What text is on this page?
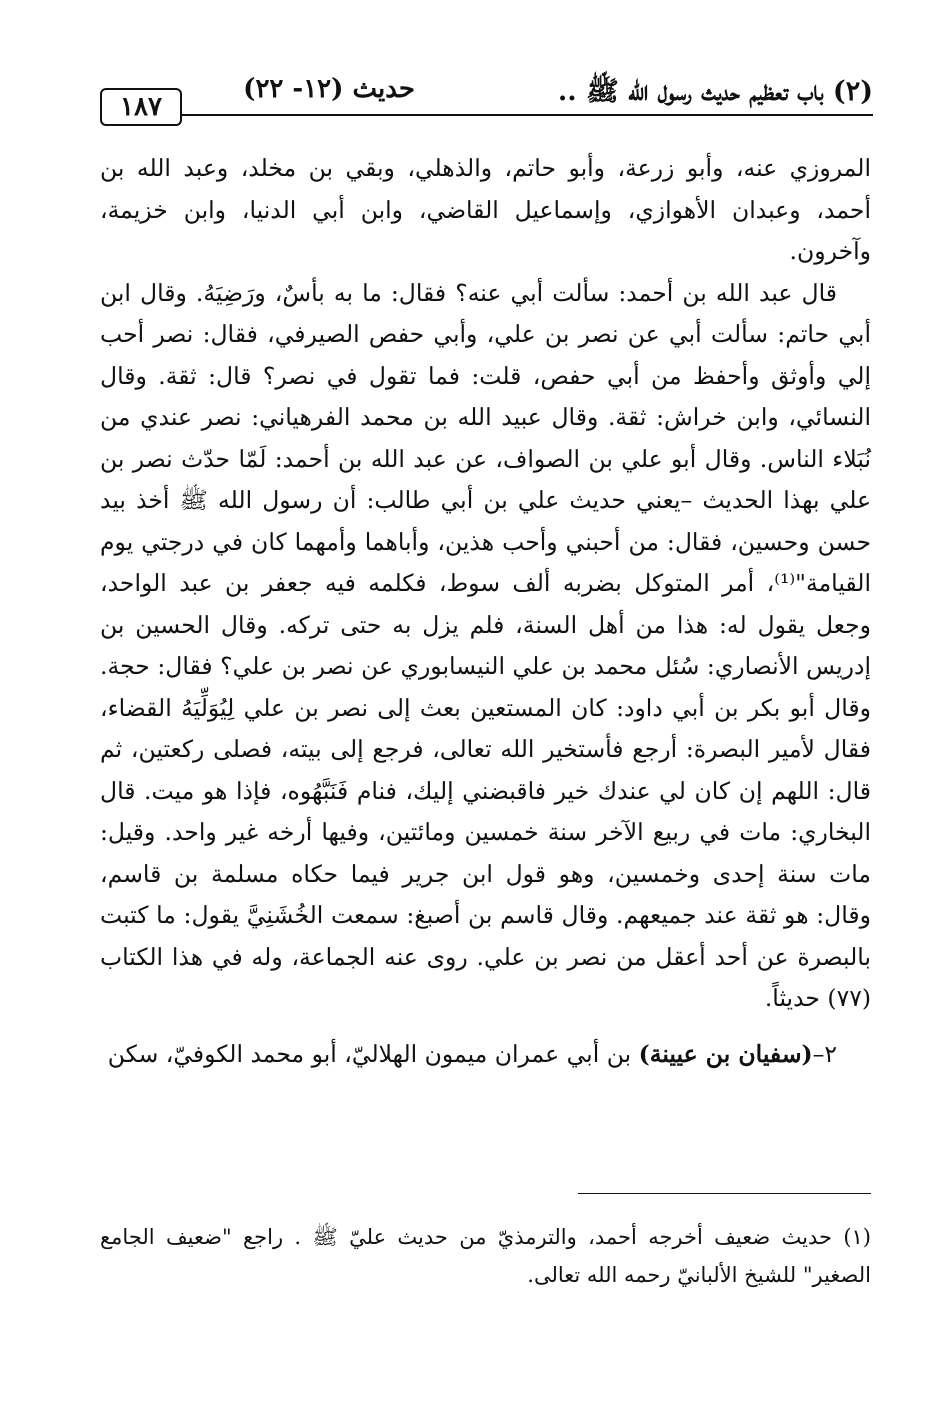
(٢) باب تعظيم حديث رسول الله ﷺ ..
حديث (١٢- ٢٢)
١٨٧

المروزي عنه، وأبو زرعة، وأبو حاتم، والذهلي، وبقي بن مخلد، وعبد الله بن أحمد، وعبدان الأهوازي، وإسماعيل القاضي، وابن أبي الدنيا، وابن خزيمة، وآخرون.

قال عبد الله بن أحمد: سألت أبي عنه؟ فقال: ما به بأسٌ، ورَضِيَهُ. وقال ابن أبي حاتم: سألت أبي عن نصر بن علي، وأبي حفص الصيرفي، فقال: نصر أحب إلي وأوثق وأحفظ من أبي حفص، قلت: فما تقول في نصر؟ قال: ثقة. وقال النسائي، وابن خراش: ثقة. وقال عبيد الله بن محمد الفرهياني: نصر عندي من نُبَلاء الناس. وقال أبو علي بن الصواف، عن عبد الله بن أحمد: لَمّا حدّث نصر بن علي بهذا الحديث –يعني حديث علي بن أبي طالب: أن رسول الله ﷺ أخذ بيد حسن وحسين، فقال: من أحبني وأحب هذين، وأباهما وأمهما كان في درجتي يوم القيامة"⁽¹⁾، أمر المتوكل بضربه ألف سوط، فكلمه فيه جعفر بن عبد الواحد، وجعل يقول له: هذا من أهل السنة، فلم يزل به حتى تركه. وقال الحسين بن إدريس الأنصاري: سُئل محمد بن علي النيسابوري عن نصر بن علي؟ فقال: حجة. وقال أبو بكر بن أبي داود: كان المستعين بعث إلى نصر بن علي لِيُوَلِّيَهُ القضاء، فقال لأمير البصرة: أرجع فأستخير الله تعالى، فرجع إلى بيته، فصلى ركعتين، ثم قال: اللهم إن كان لي عندك خير فاقبضني إليك، فنام فَنَبَّهُوه، فإذا هو ميت. قال البخاري: مات في ربيع الآخر سنة خمسين ومائتين، وفيها أرخه غير واحد. وقيل: مات سنة إحدى وخمسين، وهو قول ابن جرير فيما حكاه مسلمة بن قاسم، وقال: هو ثقة عند جميعهم. وقال قاسم بن أصبغ: سمعت الخُشَنِيَّ يقول: ما كتبت بالبصرة عن أحد أعقل من نصر بن علي. روى عنه الجماعة، وله في هذا الكتاب (٧٧) حديثاً.

٢–(سفيان بن عيينة) بن أبي عمران ميمون الهلاليّ، أبو محمد الكوفيّ، سكن

(١) حديث ضعيف أخرجه أحمد، والترمذيّ من حديث عليّ ﷺ . راجع "ضعيف الجامع الصغير" للشيخ الألبانيّ رحمه الله تعالى.
